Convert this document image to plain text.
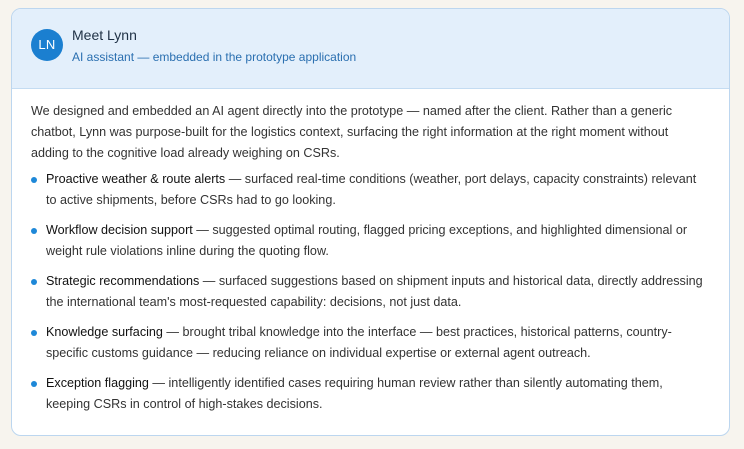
LN
Meet Lynn
AI assistant — embedded in the prototype application

We designed and embedded an AI agent directly into the prototype — named after the client. Rather than a generic chatbot, Lynn was purpose-built for the logistics context, surfacing the right information at the right moment without adding to the cognitive load already weighing on CSRs.

Proactive weather & route alerts — surfaced real-time conditions (weather, port delays, capacity constraints) relevant to active shipments, before CSRs had to go looking.
Workflow decision support — suggested optimal routing, flagged pricing exceptions, and highlighted dimensional or weight rule violations inline during the quoting flow.
Strategic recommendations — surfaced suggestions based on shipment inputs and historical data, directly addressing the international team's most-requested capability: decisions, not just data.
Knowledge surfacing — brought tribal knowledge into the interface — best practices, historical patterns, country-specific customs guidance — reducing reliance on individual expertise or external agent outreach.
Exception flagging — intelligently identified cases requiring human review rather than silently automating them, keeping CSRs in control of high-stakes decisions.
